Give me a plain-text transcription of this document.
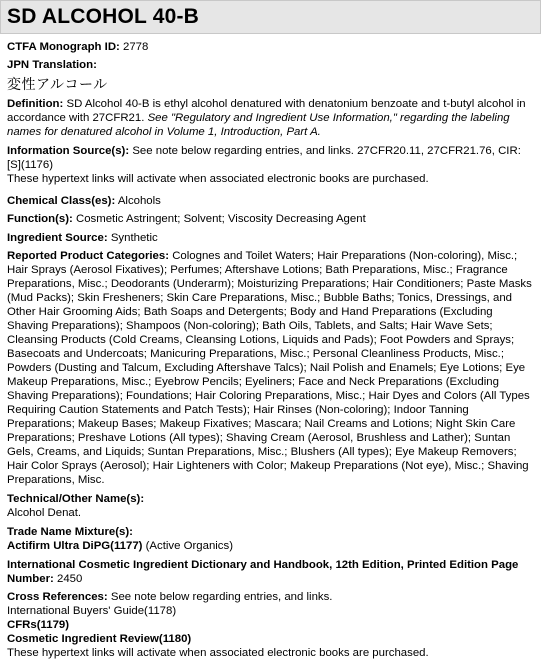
SD ALCOHOL 40-B
CTFA Monograph ID: 2778
JPN Translation:
変性アルコール
Definition: SD Alcohol 40-B is ethyl alcohol denatured with denatonium benzoate and t-butyl alcohol in accordance with 27CFR21. See "Regulatory and Ingredient Use Information," regarding the labeling names for denatured alcohol in Volume 1, Introduction, Part A.
Information Source(s): See note below regarding entries, and links. 27CFR20.11, 27CFR21.76, CIR:
[S](1176)
These hypertext links will activate when associated electronic books are purchased.
Chemical Class(es): Alcohols
Function(s): Cosmetic Astringent; Solvent; Viscosity Decreasing Agent
Ingredient Source: Synthetic
Reported Product Categories: Colognes and Toilet Waters; Hair Preparations (Non-coloring), Misc.;
Hair Sprays (Aerosol Fixatives); Perfumes; Aftershave Lotions; Bath Preparations, Misc.; Fragrance
Preparations, Misc.; Deodorants (Underarm); Moisturizing Preparations; Hair Conditioners; Paste Masks
(Mud Packs); Skin Fresheners; Skin Care Preparations, Misc.; Bubble Baths; Tonics, Dressings, and
Other Hair Grooming Aids; Bath Soaps and Detergents; Body and Hand Preparations (Excluding
Shaving Preparations); Shampoos (Non-coloring); Bath Oils, Tablets, and Salts; Hair Wave Sets;
Cleansing Products (Cold Creams, Cleansing Lotions, Liquids and Pads); Foot Powders and Sprays;
Basecoats and Undercoats; Manicuring Preparations, Misc.; Personal Cleanliness Products, Misc.;
Powders (Dusting and Talcum, Excluding Aftershave Talcs); Nail Polish and Enamels; Eye Lotions; Eye
Makeup Preparations, Misc.; Eyebrow Pencils; Eyeliners; Face and Neck Preparations (Excluding
Shaving Preparations); Foundations; Hair Coloring Preparations, Misc.; Hair Dyes and Colors (All Types
Requiring Caution Statements and Patch Tests); Hair Rinses (Non-coloring); Indoor Tanning
Preparations; Makeup Bases; Makeup Fixatives; Mascara; Nail Creams and Lotions; Night Skin Care
Preparations; Preshave Lotions (All types); Shaving Cream (Aerosol, Brushless and Lather); Suntan
Gels, Creams, and Liquids; Suntan Preparations, Misc.; Blushers (All types); Eye Makeup Removers;
Hair Color Sprays (Aerosol); Hair Lighteners with Color; Makeup Preparations (Not eye), Misc.; Shaving
Preparations, Misc.
Technical/Other Name(s):
Alcohol Denat.
Trade Name Mixture(s):
Actifirm Ultra DiPG(1177) (Active Organics)
International Cosmetic Ingredient Dictionary and Handbook, 12th Edition, Printed Edition Page
Number: 2450
Cross References: See note below regarding entries, and links.
International Buyers' Guide(1178)
CFRs(1179)
Cosmetic Ingredient Review(1180)
These hypertext links will activate when associated electronic books are purchased.
